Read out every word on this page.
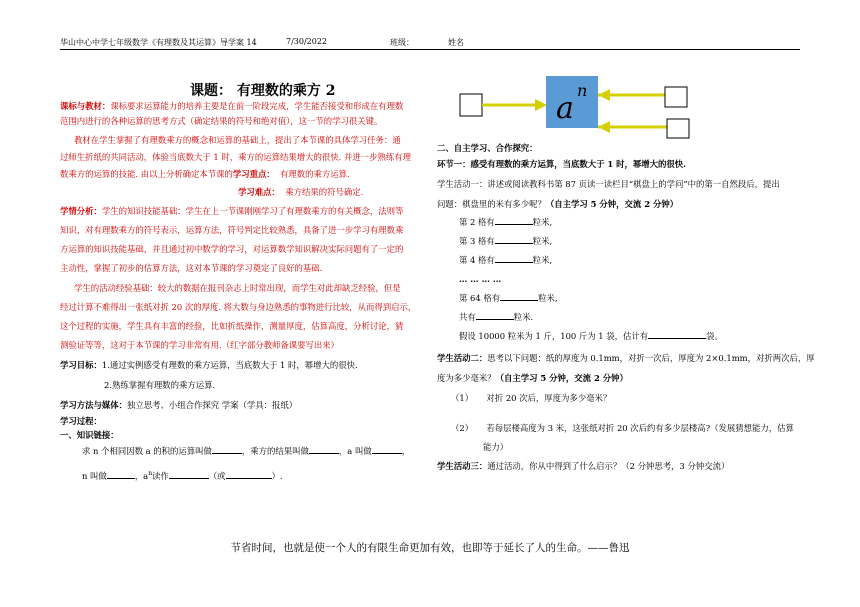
华山中心中学七年级数学《有理数及其运算》导学案 14	7/30/2022	班级：	姓名
课题： 有理数的乘方 2
课标与教材：课标要求运算能力的培养主要是在前一阶段完成，学生能否接受和形成在有理数
范围内进行的各种运算的思考方式（确定结果的符号和绝对值），这一节的学习很关键。
教材在学生掌握了有理数乘方的概念和运算的基础上，提出了本节课的具体学习任务：通
过师生折纸的共同活动，体验当底数大于 1 时，乘方的运算结果增大的很快. 并进一步熟练有理
数乘方的运算的技能. 由以上分析确定本节课的学习重点： 有理数的乘方运算.
学习难点： 乘方结果的符号确定.
学情分析：学生的知识技能基础：学生在上一节课刚刚学习了有理数乘方的有关概念，法则等
知识，对有理数乘方的符号表示，运算方法，符号判定比较熟悉，具备了进一步学习有理数乘
方运算的知识技能基础，并且通过初中数学的学习，对运算数学知识解决实际问题有了一定的
主动性，掌握了初步的估算方法，这对本节课的学习奠定了良好的基础.
学生的活动经验基础：较大的数据在报刊杂志上时常出现，而学生对此却缺乏经验，但是
经过计算不难得出一张纸对折 20 次的厚度. 将大数与身边熟悉的事物进行比较，从而得到启示，
这个过程的实施，学生具有丰富的经验，比如折纸操作，测量厚度，估算高度，分析讨论，猜
测验证等等，这对于本节课的学习非常有用.（红字部分教师备课要写出来）
学习目标：1.通过实例感受有理数的乘方运算，当底数大于 1 时，幂增大的很快.
2.熟练掌握有理数的乘方运算.
学习方法与媒体：独立思考、小组合作探究 学案（学具：报纸）
学习过程：
一、知识链接：
求 n 个相同因数 a 的积的运算叫做	，乘方的结果叫做	，a 叫做	，
n 叫做	，$a^n$读作	（或	）.
a
n
二、自主学习、合作探究：
环节一：感受有理数的乘方运算，当底数大于 1 时，幂增大的很快.
学生活动一：讲述或阅读教科书第 87 页读一读栏目“棋盘上的学问”中的第一自然段后，提出
问题：棋盘里的米有多少呢？（自主学习 5 分钟，交流 2 分钟）
第 2 格有	粒米,
第 3 格有	粒米,
第 4 格有	粒米,
… … … …
第 64 格有	粒米,
共有	粒米.
假设 10000 粒米为 1 斤，100 斤为 1 袋，估计有	袋。
学生活动二：思考以下问题：纸的厚度为 0.1mm，对折一次后，厚度为 2×0.1mm，对折两次后，厚
度为多少毫米？（自主学习 5 分钟，交流 2 分钟）
（1） 对折 20 次后，厚度为多少毫米？
（2） 若每层楼高度为 3 米，这张纸对折 20 次后约有多少层楼高?（发展猜想能力，估算
能力）
学生活动三：通过活动，你从中得到了什么启示？（2 分钟思考，3 分钟交流）
节省时间，也就是使一个人的有限生命更加有效，也即等于延长了人的生命。——鲁迅
